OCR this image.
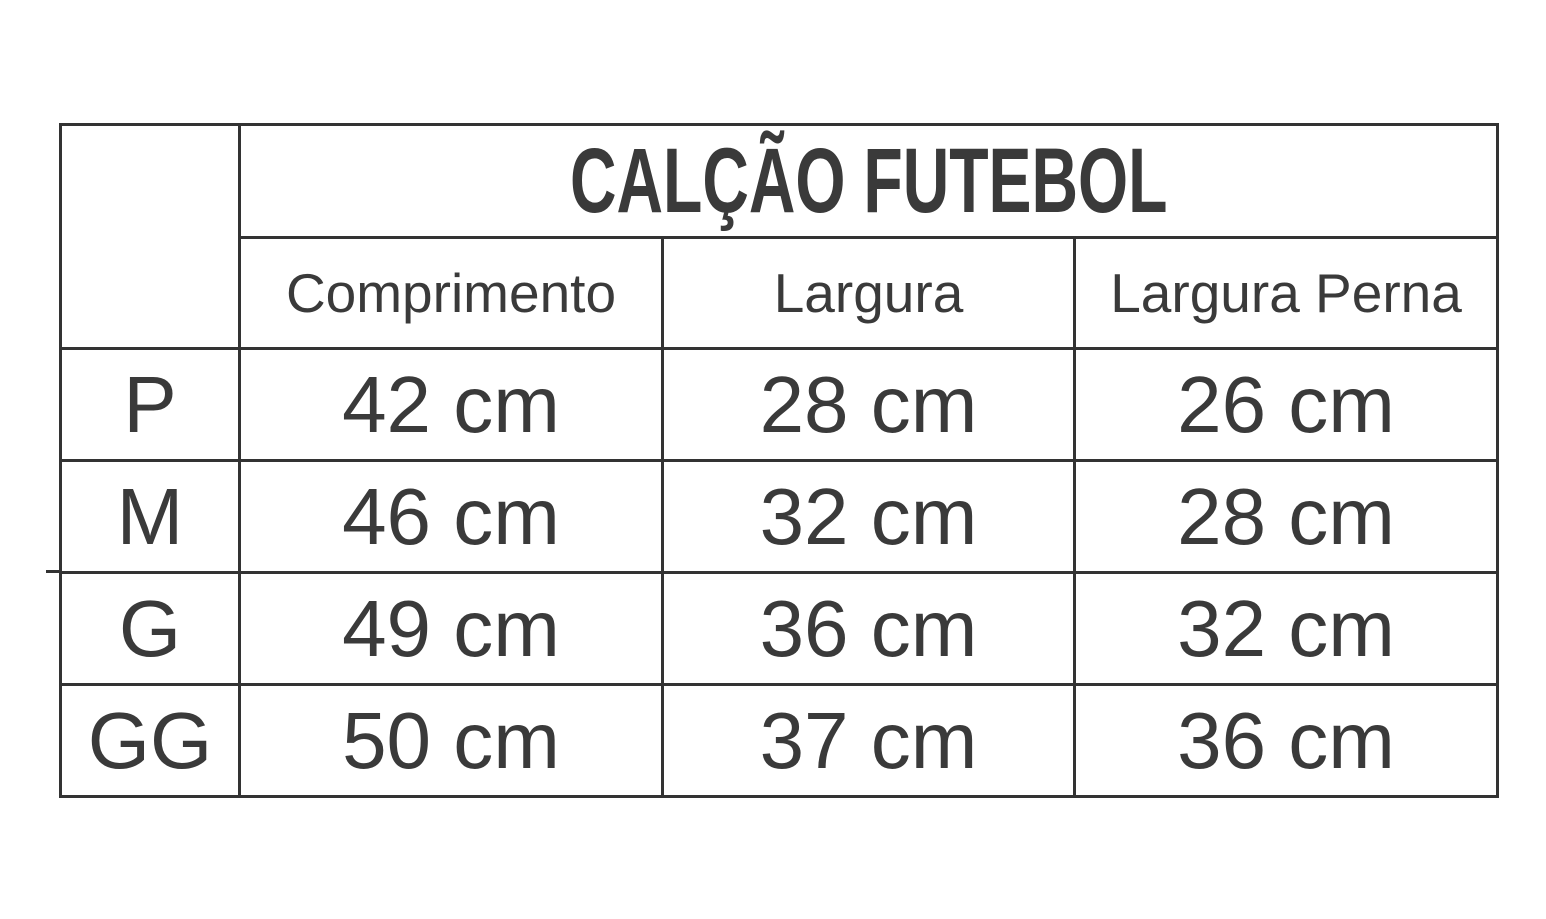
	CALÇÃO FUTEBOL		
	Comprimento	Largura	Largura Perna
P	42 cm	28 cm	26 cm
M	46 cm	32 cm	28 cm
G	49 cm	36 cm	32 cm
GG	50 cm	37 cm	36 cm
